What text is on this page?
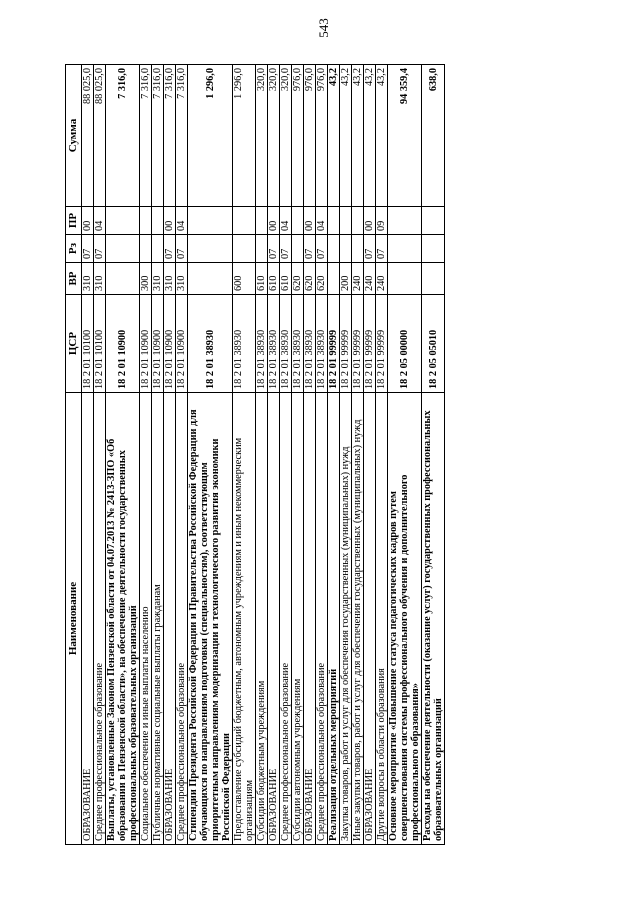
543
Наименование	ЦСР	ВР	Рз	ПР	Сумма
ОБРАЗОВАНИЕ	18 2 01 10100	310	07	00	88 025,0
Среднее профессиональное образование	18 2 01 10100	310	07	04	88 025,0
Выплаты, установленные Законом Пензенской области от 04.07.2013 № 2413-ЗПО «Об образовании в Пензенской области», на обеспечение деятельности государственных профессиональных образовательных организаций	18 2 01 10900				7 316,0
Социальное обеспечение и иные выплаты населению	18 2 01 10900	300			7 316,0
Публичные нормативные социальные выплаты гражданам	18 2 01 10900	310			7 316,0
ОБРАЗОВАНИЕ	18 2 01 10900	310	07	00	7 316,0
Среднее профессиональное образование	18 2 01 10900	310	07	04	7 316,0
Стипендии Президента Российской Федерации и Правительства Российской Федерации для обучающихся по направлениям подготовки (специальностям), соответствующим приоритетным направлениям модернизации и технологического развития экономики Российской Федерации	18 2 01 38930				1 296,0
Предоставление субсидий бюджетным, автономным учреждениям и иным некоммерческим организациям	18 2 01 38930	600			1 296,0
Субсидии бюджетным учреждениям	18 2 01 38930	610			320,0
ОБРАЗОВАНИЕ	18 2 01 38930	610	07	00	320,0
Среднее профессиональное образование	18 2 01 38930	610	07	04	320,0
Субсидии автономным учреждениям	18 2 01 38930	620			976,0
ОБРАЗОВАНИЕ	18 2 01 38930	620	07	00	976,0
Среднее профессиональное образование	18 2 01 38930	620	07	04	976,0
Реализация отдельных мероприятий	18 2 01 99999				43,2
Закупка товаров, работ и услуг для обеспечения государственных (муниципальных) нужд	18 2 01 99999	200			43,2
Иные закупки товаров, работ и услуг для обеспечения государственных (муниципальных) нужд	18 2 01 99999	240			43,2
ОБРАЗОВАНИЕ	18 2 01 99999	240	07	00	43,2
Другие вопросы в области образования	18 2 01 99999	240	07	09	43,2
Основное мероприятие «Повышение статуса педагогических кадров путем совершенствования системы профессионального обучения и дополнительного профессионального образования»	18 2 05 00000				94 359,4
Расходы на обеспечение деятельности (оказание услуг) государственных профессиональных образовательных организаций	18 2 05 05010				638,0
